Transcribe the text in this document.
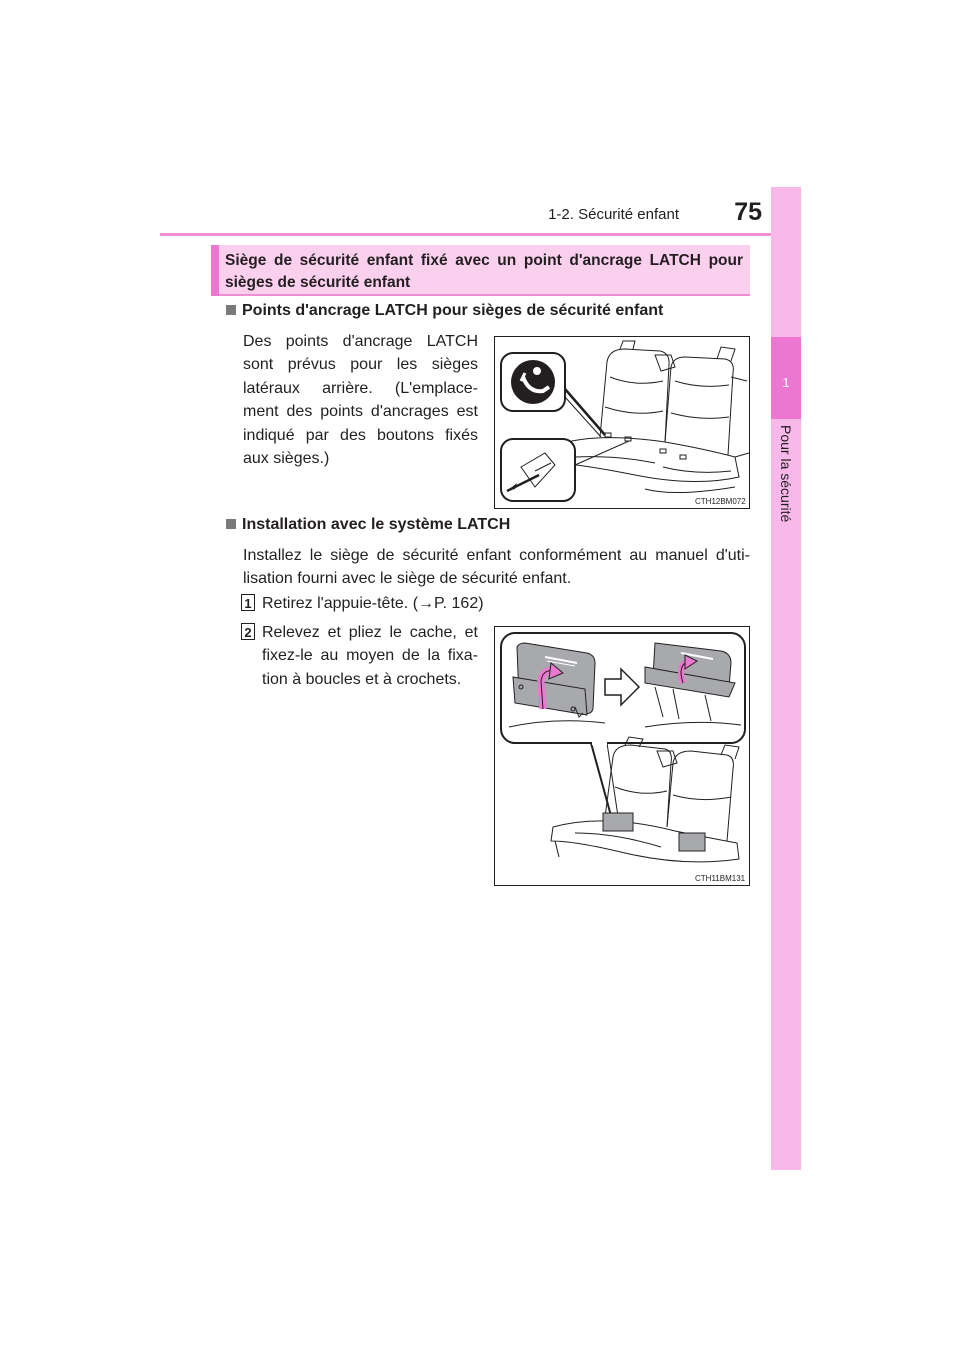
1-2. Sécurité enfant 75
1
Pour la sécurité
Siège de sécurité enfant fixé avec un point d'ancrage LATCH pour sièges de sécurité enfant
Points d'ancrage LATCH pour sièges de sécurité enfant
Des points d'ancrage LATCH sont prévus pour les sièges latéraux arrière. (L'emplace-ment des points d'ancrages est indiqué par des boutons fixés aux sièges.)
CTH12BM072
Installation avec le système LATCH
Installez le siège de sécurité enfant conformément au manuel d'uti-lisation fourni avec le siège de sécurité enfant.
1 Retirez l'appuie-tête. (→P. 162)
2 Relevez et pliez le cache, et fixez-le au moyen de la fixa-tion à boucles et à crochets.
CTH11BM131
